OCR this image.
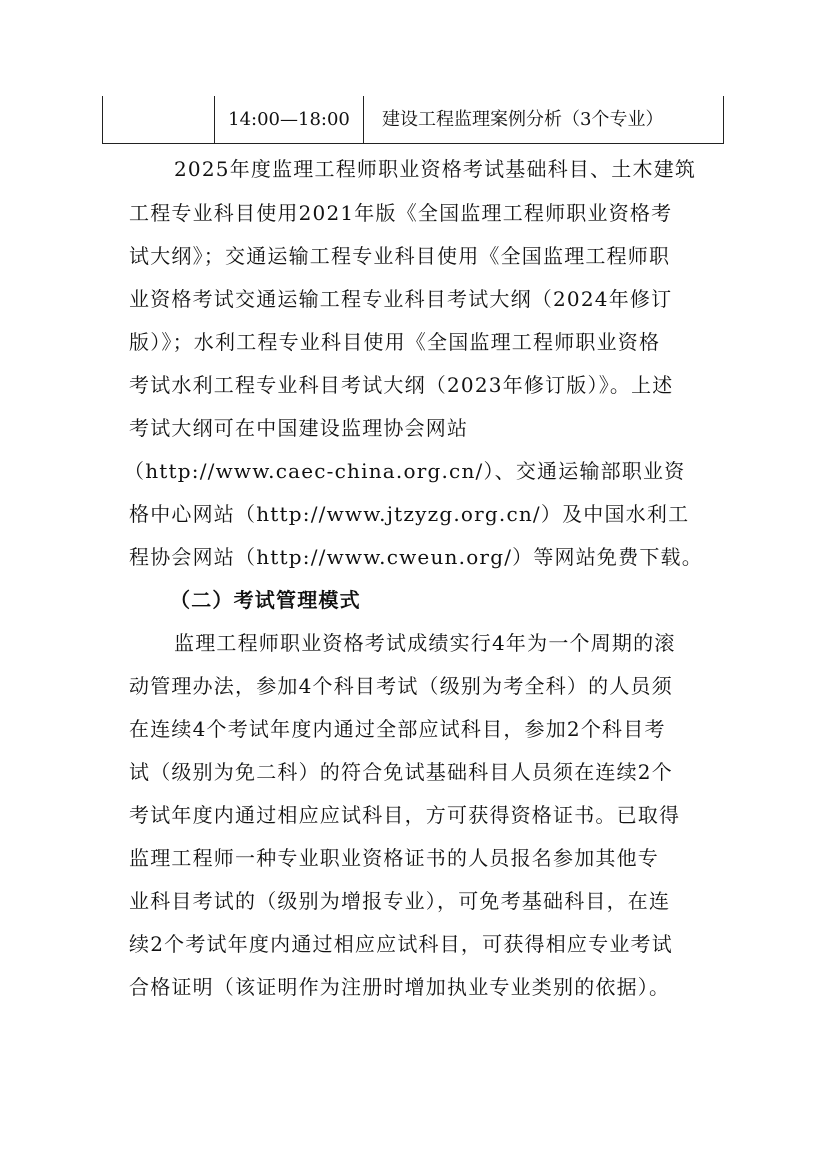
14:00—18:00	建设工程监理案例分析（3个专业）
2025年度监理工程师职业资格考试基础科目、土木建筑
工程专业科目使用2021年版《全国监理工程师职业资格考
试大纲》；交通运输工程专业科目使用《全国监理工程师职
业资格考试交通运输工程专业科目考试大纲（2024年修订
版）》；水利工程专业科目使用《全国监理工程师职业资格
考试水利工程专业科目考试大纲（2023年修订版）》。上述
考试大纲可在中国建设监理协会网站
（http://www.caec-china.org.cn/）、交通运输部职业资
格中心网站（http://www.jtzyzg.org.cn/）及中国水利工
程协会网站（http://www.cweun.org/）等网站免费下载。
（二）考试管理模式
监理工程师职业资格考试成绩实行4年为一个周期的滚
动管理办法，参加4个科目考试（级别为考全科）的人员须
在连续4个考试年度内通过全部应试科目，参加2个科目考
试（级别为免二科）的符合免试基础科目人员须在连续2个
考试年度内通过相应应试科目，方可获得资格证书。已取得
监理工程师一种专业职业资格证书的人员报名参加其他专
业科目考试的（级别为增报专业），可免考基础科目，在连
续2个考试年度内通过相应应试科目，可获得相应专业考试
合格证明（该证明作为注册时增加执业专业类别的依据）。
